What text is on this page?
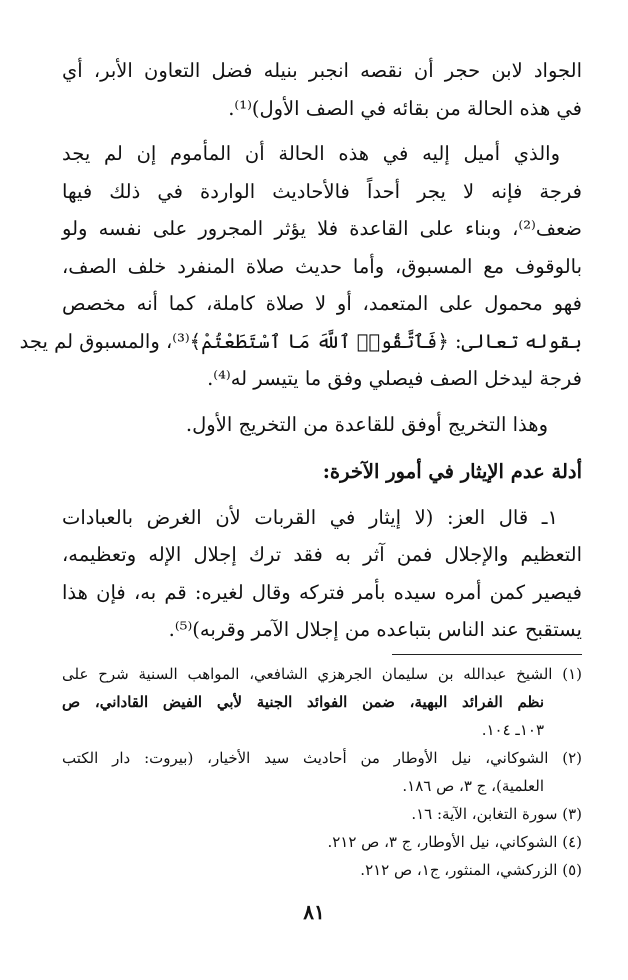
الجواد لابن حجر أن نقصه انجبر بنيله فضل التعاون الأبر، أي
في هذه الحالة من بقائه في الصف الأول)⁽¹⁾.
والذي أميل إليه في هذه الحالة أن المأموم إن لم يجد
فرجة فإنه لا يجر أحداً فالأحاديث الواردة في ذلك فيها
ضعف⁽²⁾، وبناء على القاعدة فلا يؤثر المجرور على نفسه ولو
بالوقوف مع المسبوق، وأما حديث صلاة المنفرد خلف الصف،
فهو محمول على المتعمد، أو لا صلاة كاملة، كما أنه مخصص
بقوله تعالى: ﴿فَٱتَّقُوا۟ ٱللَّهَ مَا ٱسْتَطَعْتُمْ﴾⁽³⁾، والمسبوق لم يجد
فرجة ليدخل الصف فيصلي وفق ما يتيسر له⁽⁴⁾.
وهذا التخريج أوفق للقاعدة من التخريج الأول.
أدلة عدم الإيثار في أمور الآخرة:
١ـ قال العز: (لا إيثار في القربات لأن الغرض بالعبادات
التعظيم والإجلال فمن آثر به فقد ترك إجلال الإله وتعظيمه،
فيصير كمن أمره سيده بأمر فتركه وقال لغيره: قم به، فإن هذا
يستقبح عند الناس بتباعده من إجلال الآمر وقربه)⁽⁵⁾.
(١) الشيخ عبدالله بن سليمان الجرهزي الشافعي، المواهب السنية شرح على
نظم الفرائد البهية، ضمن الفوائد الجنية لأبي الفيض القاداني، ص
١٠٣ـ ١٠٤.
(٢) الشوكاني، نيل الأوطار من أحاديث سيد الأخيار، (بيروت: دار الكتب
العلمية)، ج ٣، ص ١٨٦.
(٣) سورة التغابن، الآية: ١٦.
(٤) الشوكاني، نيل الأوطار، ج ٣، ص ٢١٢.
(٥) الزركشي، المنثور، ج١، ص ٢١٢.
٨١
